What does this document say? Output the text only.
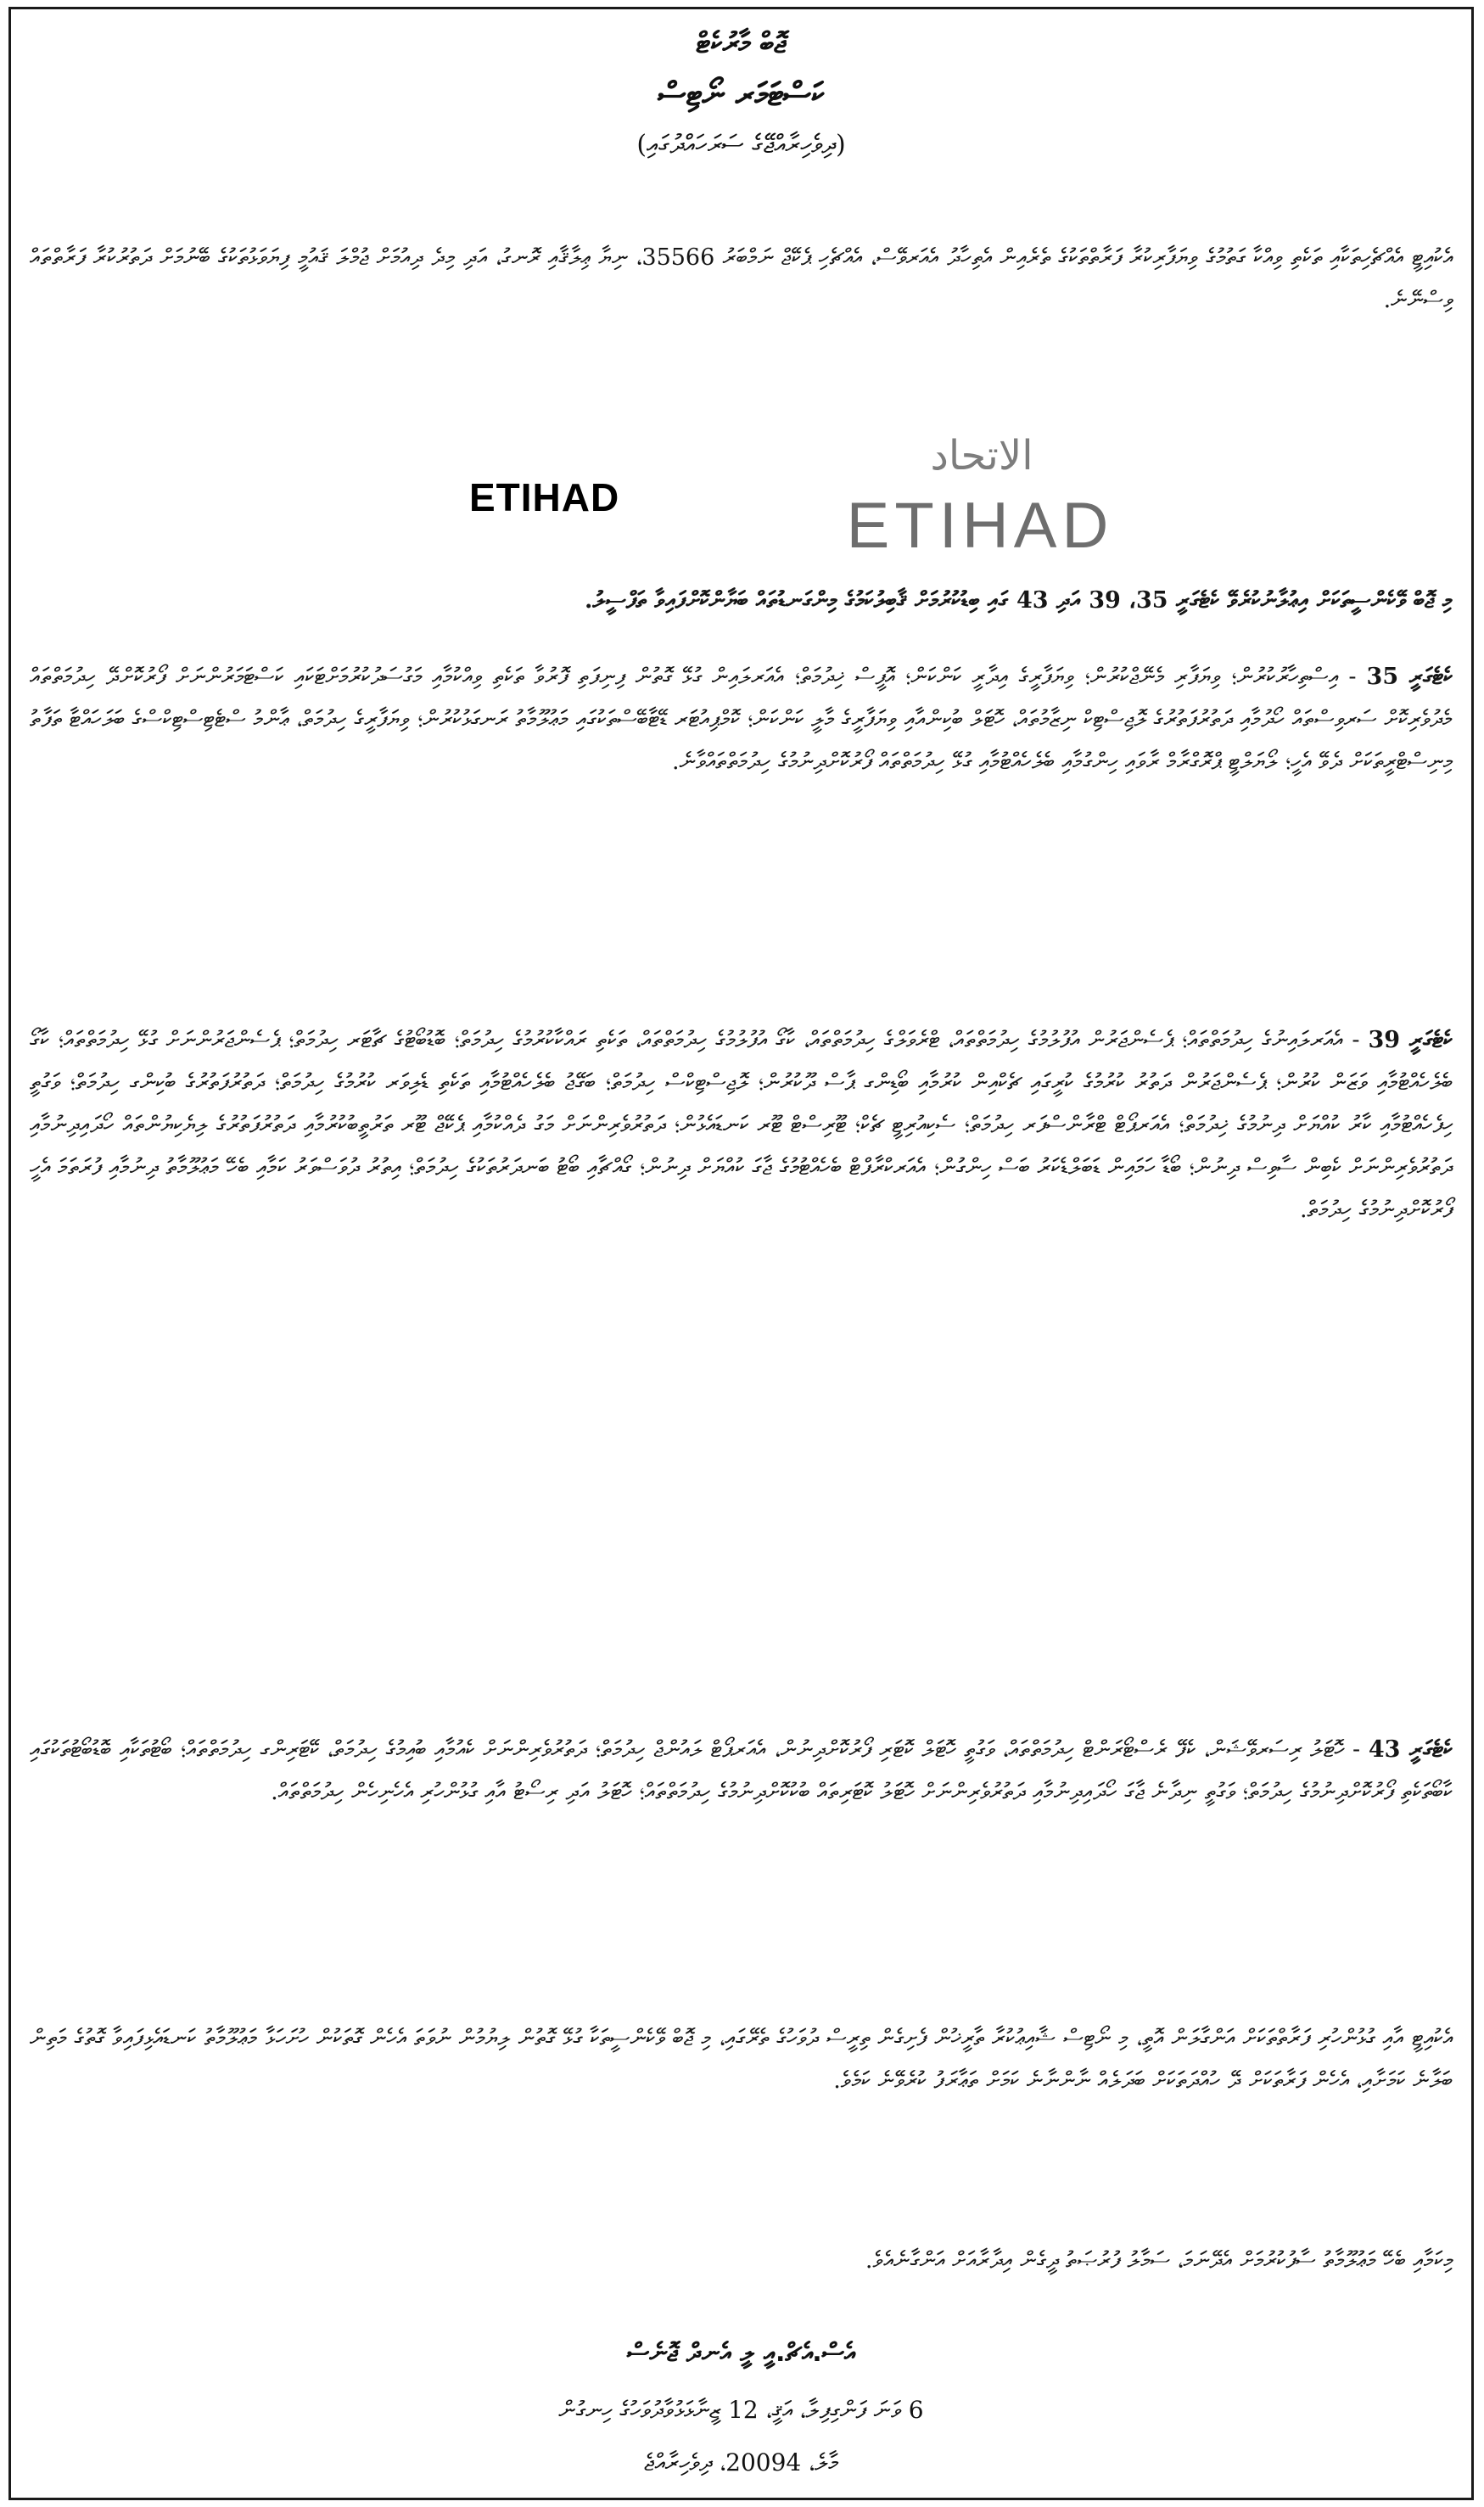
ޖޮބް މާރުކެޓް
ކަސްޓަމަރ ނޯޓިސް
(ދިވެހިރާއްޖޭގެ ސަރަހައްދުގައި)
އެކުއިޓީ އެއްޗެހިތަކާއި ތަކެތި ވިއްކާ ގަތުމުގެ ވިޔަފާރިކުރާ ފަރާތްތަކުގެ ތެރެއިން އެތިހާދު އެއަރވޭސް، އެއްޗެހި ޕެކޭޖް ނަމްބަރު 35566، ނިޔާ ޢިލާޤާއި ރޮނގު، އަދި މިދެ ދިއުމަށް ޖުމްލަ ޤައުމީ ފިޔަވަޅުތަކުގެ ބޭނުމަށް ދަތުރުކުރާ ފަރާތްތައް ވިސްނޭނެ.
ETIHAD
الاتحاد
ETIHAD
މި ޖޮބް ވޭކެންސީތަކަށް އިޢުލާނުކުރެވޭ ކެޓެގަރީ 35، 39 އަދި 43 ގައި ބިޑުކުރުމަށް ޤާބިލުކަމުގެ މިންގަނޑުތައް ބަޔާންކޮށްފައިވާ ތަފްސީލު.
ކެޓެގަރީ 35 - އިސްތިހާރުކުރުން؛ ވިޔަފާރި މެނޭޖްކުރުން؛ ވިޔަފާރީގެ އިދާރީ ކަންކަން؛ އޮފީސް ޚިދުމަތް؛ އެއަރލައިން ގުޅޭ ގޮތުން ފިނިފަތި ފޮރުވާ ތަކެތި ވިއްކުމާއި މަގުސަދުކުރުމަށްޓަކައި ކަސްޓަމަރުންނަށް ފޯރުކޮށްދޭ ހިދުމަތްތައް މެދުވެރިކޮށް ސަރވިސްތައް ހޯދުމާއި ދަތުރުފަތުރުގެ ލޮޖިސްޓިކް ނިޒާމުތައް، ހޮޓަލް ބުކިންއާއި ވިޔަފާރީގެ މާލީ ކަންކަން؛ ކޮމްޕިއުޓަރ ޑޭޓާބޭސްތަކުގައި މަޢުލޫމާތު ރަނގަޅުކުރުން؛ ވިޔަފާރީގެ ހިދުމަތް، ޢާންމު ސްޓެޓިސްޓިކްސްގެ ބަލަހައްޓާ ތަފާތު މިނިސްޓްރީތަކަށް ދެވޭ އެހީ؛ ލޯޔަލްޓީ ޕްރޮގްރާމް ރާވައި ހިންގުމާއި ބެލެހެއްޓުމާއި ގުޅޭ ހިދުމަތްތައް ފޯރުކޮށްދިނުމުގެ ހިދުމަތްތައްވާނެ.
ކެޓެގަރީ 39 - އެއަރލައިނުގެ ހިދުމަތްތައް؛ ޕެސެންޖަރުން އުފުލުމުގެ ހިދުމަތްތައް، ޓްރެވަލްގެ ހިދުމަތްތައް، ކާގޯ އުފުލުމުގެ ހިދުމަތްތައް، ތަކެތި ރައްކާކުރުމުގެ ހިދުމަތް؛ ބޮޑުބޯޓުގެ ޗާޓަރ ހިދުމަތް؛ ޕެސެންޖަރުންނަށް ގުޅޭ ހިދުމަތްތައް؛ ކާގޯ ބެލެހެއްޓުމާއި ވަޒަން ކުރުން؛ ޕެސެންޖަރުން ދަތުރު ކުރުމުގެ ކުރީގައި ޗެކްއިން ކުރުމާއި ބޯޑިންގ ޕާސް ދޫކުރުން؛ ލޮޖިސްޓިކްސް ހިދުމަތް؛ ބަގޭޖު ބެލެހެއްޓުމާއި ތަކެތި ޑެލިވަރ ކުރުމުގެ ހިދުމަތް؛ ދަތުރުފަތުރުގެ ބުކިންގ ހިދުމަތް؛ ވަގުތީ ހިފެހެއްޓުމާއި ކާރު ކުއްޔަށް ދިނުމުގެ ޚިދުމަތް؛ އެއަރޕޯޓް ޓްރާންސްފަރ ހިދުމަތް؛ ސެކިއުރިޓީ ޗެކް؛ ޓޫރިސްޓް ޓޫރ ކަނޑައެޅުން؛ ދަތުރުވެރިންނަށް މަގު ދެއްކުމާއި ޕެކޭޖް ޓޫރ ތަރުތީބުކުރުމާއި ދަތުރުފަތުރުގެ ލިޔެކިޔުންތައް ހޯދައިދިނުމާއި ދަތުރުވެރިންނަށް ކެބިން ސާވިސް ދިނުން؛ ބޯޑާ ހަމައިން ޑަބަލްޑެކަރު ބަސް ހިންގުން؛ އެއަރކްރާފްޓް ބެހެއްޓުމުގެ ޖާގަ ކުއްޔަށް ދިނުން؛ ގޯއްޗާއި ބޯޓު ބަނދަރުތަކުގެ ހިދުމަތް؛ އިތުރު ދުވަސްވަރު ކަމާއި ބެހޭ މަޢުލޫމާތު ދިނުމާއި ފުރަތަމަ އެހީ ފޯރުކޮށްދިނުމުގެ ހިދުމަތް.
ކެޓެގަރީ 43 - ހޮޓަލު ރިސަރވޭޝަން، ކެފޭ ރެސްޓޯރަންޓް ހިދުމަތްތައް، ވަގުތީ ހޮޓަލް ކޮޓަރި ފޯރުކޮށްދިނުން، އެއަރޕޯޓް ލައުންޖް ހިދުމަތް؛ ދަތުރުވެރިންނަށް ކެއުމާއި ބުއިމުގެ ހިދުމަތް، ކޭޓަރިންގ ހިދުމަތްތައް؛ ބޯޓުތަކާއި ބޮޑުބޯޓުތަކުގައި ކާބޯތަކެތި ފޯރުކޮށްދިނުމުގެ ހިދުމަތް؛ ވަގުތީ ނިދާނެ ޖާގަ ހޯދައިދިނުމާއި ދަތުރުވެރިންނަށް ހޮޓަލު ކޮޓަރިތައް ބުކުކޮށްދިނުމުގެ ހިދުމަތްތައް؛ ހޮޓަލު އަދި ރިސޯޓު އާއި ގުޅުންހުރި އެހެނިހެން ހިދުމަތްތައް.
އެކުއިޓީ އާއި ގުޅުންހުރި ފަރާތްތަކަށް އަންގާލަން އޮތީ، މި ނޯޓިސް ޝާއިޢުކުރާ ތާރީޚުން ފެށިގެން ތިރީސް ދުވަހުގެ ތެރޭގައި، މި ޖޮބް ވޭކެންސީތަކާ ގުޅޭ ގޮތުން ލިޔުމުން ނުވަތަ އެހެން ގޮތަކުން ހުށަހަޅާ މަޢުލޫމާތު ކަނޑައެޅިފައިވާ ގޮތުގެ މަތިން ބަލާނެ ކަމަށާއި، އެހެން ފަރާތަކަށް ދޭ ހުއްދަތަކަށް ބަދަލެއް ނާންނާނެ ކަމަށް ތަޢާރަފު ކުރެވޭނެ ކަމެވެ.
މިކަމާއި ބެހޭ މަޢުލޫމާތު ސާފުކުރުމަށް އެދޭނަމަ، ސަމާލު ފުރުޞަތު ދީގެން އިދާރާއަށް އަންގާނެއެވެ.
އެސް.އެޗް.އީ ލީ އެނދް ޖޮނެސް
6 ވަނަ ފަންގިފިލާ، އަޤީ، 12 ޒީނާޅަޅުވާދުވަހުގެ ހިނގުން
މާލެ، 20094، ދިވެހިރާއްޖެ
